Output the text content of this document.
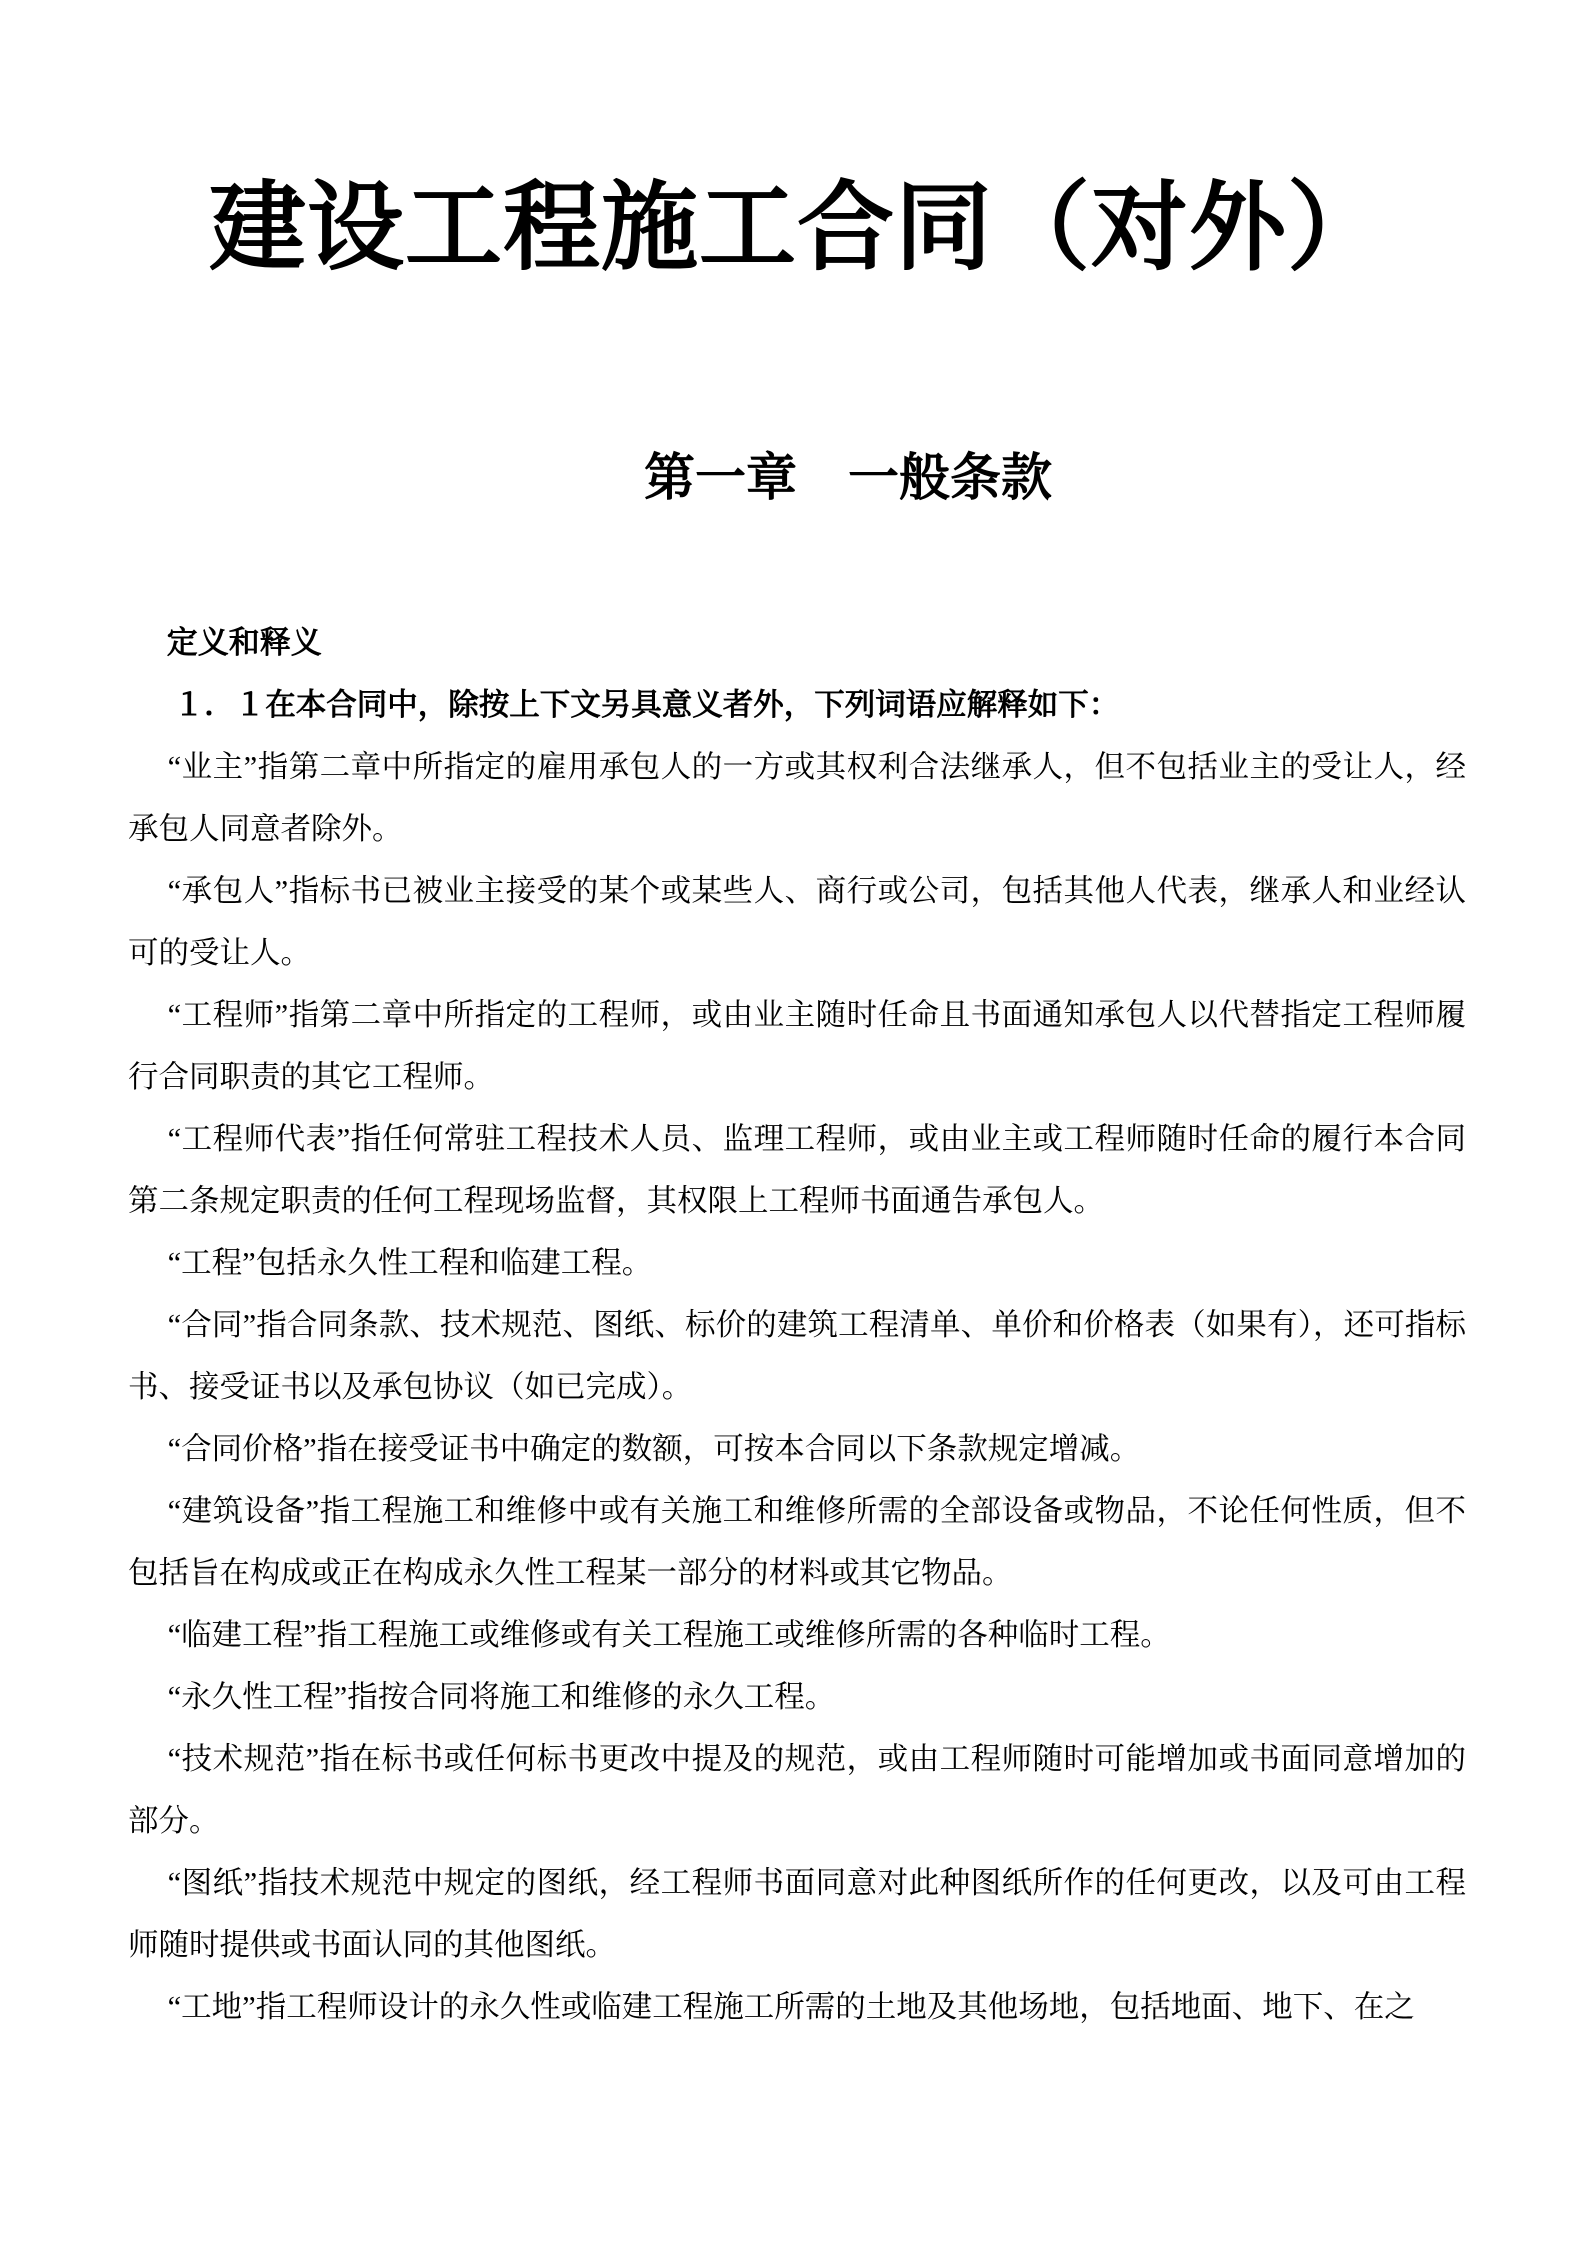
建设工程施工合同（对外）
第一章　一般条款
定义和释义

１．１在本合同中，除按上下文另具意义者外，下列词语应解释如下：

“业主”指第二章中所指定的雇用承包人的一方或其权利合法继承人，但不包括业主的受让人，经承包人同意者除外。

“承包人”指标书已被业主接受的某个或某些人、商行或公司，包括其他人代表，继承人和业经认可的受让人。

“工程师”指第二章中所指定的工程师，或由业主随时任命且书面通知承包人以代替指定工程师履行合同职责的其它工程师。

“工程师代表”指任何常驻工程技术人员、监理工程师，或由业主或工程师随时任命的履行本合同第二条规定职责的任何工程现场监督，其权限上工程师书面通告承包人。

“工程”包括永久性工程和临建工程。

“合同”指合同条款、技术规范、图纸、标价的建筑工程清单、单价和价格表（如果有），还可指标书、接受证书以及承包协议（如已完成）。

“合同价格”指在接受证书中确定的数额，可按本合同以下条款规定增减。

“建筑设备”指工程施工和维修中或有关施工和维修所需的全部设备或物品，不论任何性质，但不包括旨在构成或正在构成永久性工程某一部分的材料或其它物品。

“临建工程”指工程施工或维修或有关工程施工或维修所需的各种临时工程。

“永久性工程”指按合同将施工和维修的永久工程。

“技术规范”指在标书或任何标书更改中提及的规范，或由工程师随时可能增加或书面同意增加的部分。

“图纸”指技术规范中规定的图纸，经工程师书面同意对此种图纸所作的任何更改，以及可由工程师随时提供或书面认同的其他图纸。

“工地”指工程师设计的永久性或临建工程施工所需的土地及其他场地，包括地面、地下、在之
